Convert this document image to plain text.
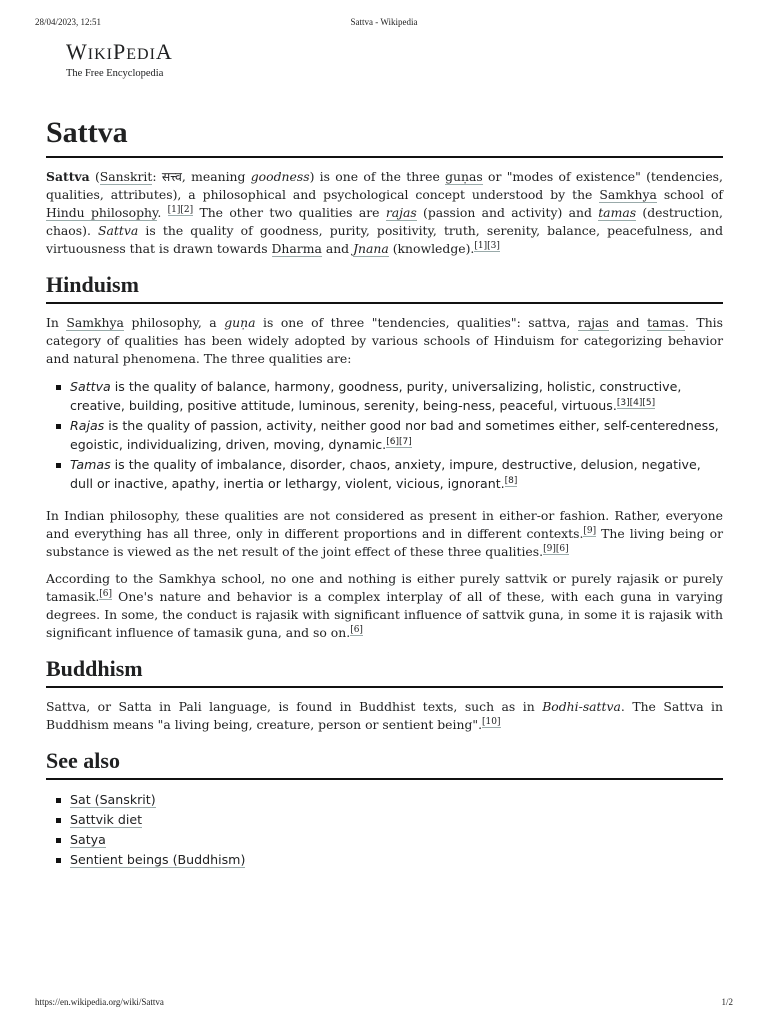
28/04/2023, 12:51	Sattva - Wikipedia
WIKIPEDIA
The Free Encyclopedia
Sattva

Sattva (Sanskrit: सत्त्व, meaning goodness) is one of the three guṇas or "modes of existence" (tendencies, qualities, attributes), a philosophical and psychological concept understood by the Samkhya school of Hindu philosophy. [1][2] The other two qualities are rajas (passion and activity) and tamas (destruction, chaos). Sattva is the quality of goodness, purity, positivity, truth, serenity, balance, peacefulness, and virtuousness that is drawn towards Dharma and Jnana (knowledge).[1][3]

Hinduism

In Samkhya philosophy, a guṇa is one of three "tendencies, qualities": sattva, rajas and tamas. This category of qualities has been widely adopted by various schools of Hinduism for categorizing behavior and natural phenomena. The three qualities are:

Sattva is the quality of balance, harmony, goodness, purity, universalizing, holistic, constructive, creative, building, positive attitude, luminous, serenity, being-ness, peaceful, virtuous.[3][4][5]
Rajas is the quality of passion, activity, neither good nor bad and sometimes either, self-centeredness, egoistic, individualizing, driven, moving, dynamic.[6][7]
Tamas is the quality of imbalance, disorder, chaos, anxiety, impure, destructive, delusion, negative, dull or inactive, apathy, inertia or lethargy, violent, vicious, ignorant.[8]

In Indian philosophy, these qualities are not considered as present in either-or fashion. Rather, everyone and everything has all three, only in different proportions and in different contexts.[9] The living being or substance is viewed as the net result of the joint effect of these three qualities.[9][6]

According to the Samkhya school, no one and nothing is either purely sattvik or purely rajasik or purely tamasik.[6] One's nature and behavior is a complex interplay of all of these, with each guna in varying degrees. In some, the conduct is rajasik with significant influence of sattvik guna, in some it is rajasik with significant influence of tamasik guna, and so on.[6]

Buddhism

Sattva, or Satta in Pali language, is found in Buddhist texts, such as in Bodhi-sattva. The Sattva in Buddhism means "a living being, creature, person or sentient being".[10]

See also
Sat (Sanskrit)
Sattvik diet
Satya
Sentient beings (Buddhism)
https://en.wikipedia.org/wiki/Sattva	1/2
